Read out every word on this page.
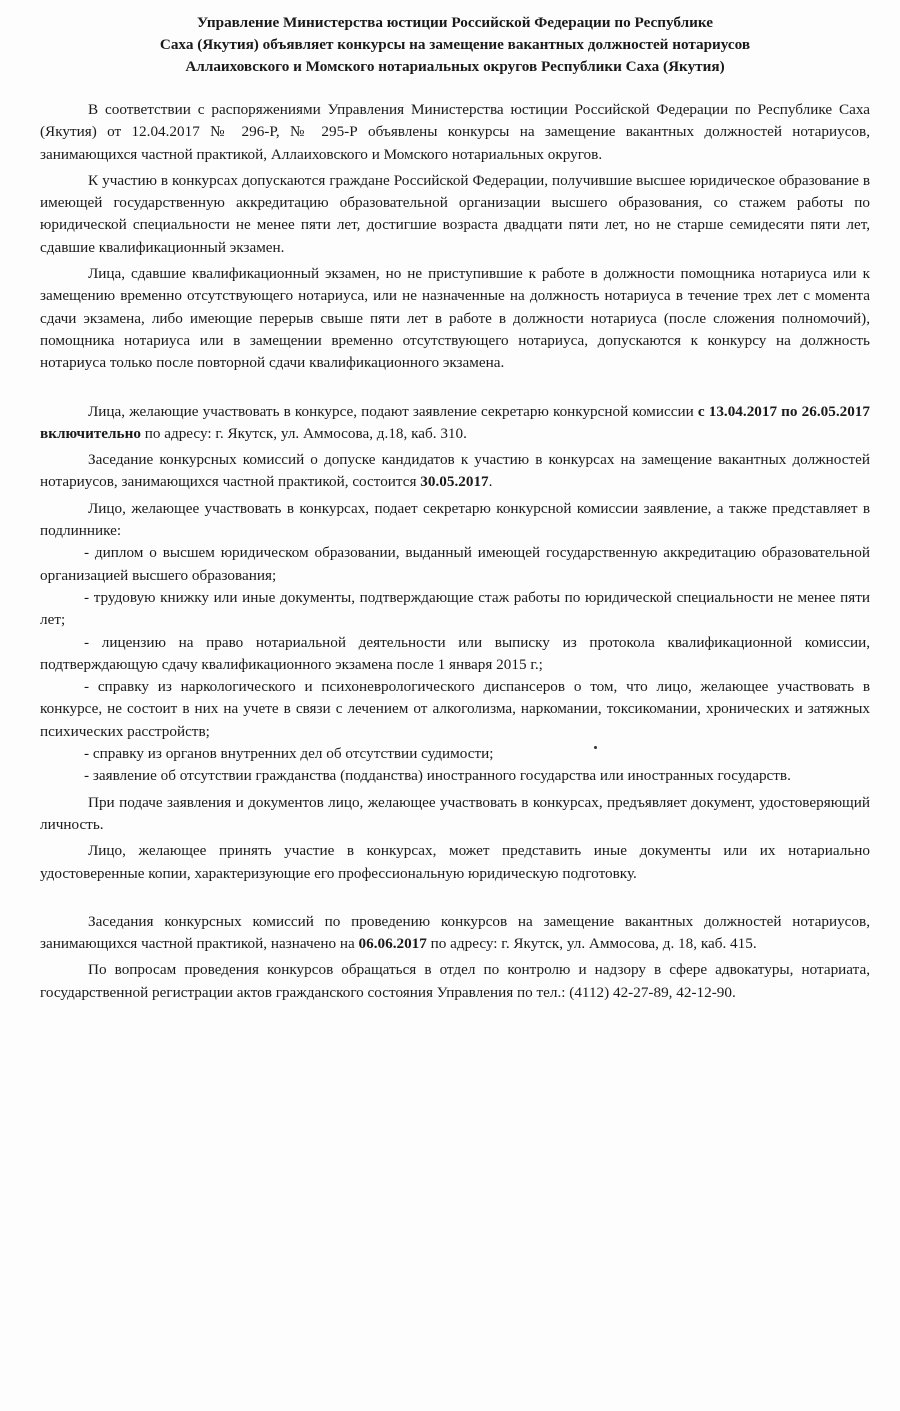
Управление Министерства юстиции Российской Федерации по Республике
Саха (Якутия) объявляет конкурсы на замещение вакантных должностей нотариусов
Аллаиховского и Момского нотариальных округов Республики Саха (Якутия)

В соответствии с распоряжениями Управления Министерства юстиции Российской Федерации по Республике Саха (Якутия) от 12.04.2017 № 296-Р, № 295-Р объявлены конкурсы на замещение вакантных должностей нотариусов, занимающихся частной практикой, Аллаиховского и Момского нотариальных округов.

К участию в конкурсах допускаются граждане Российской Федерации, получившие высшее юридическое образование в имеющей государственную аккредитацию образовательной организации высшего образования, со стажем работы по юридической специальности не менее пяти лет, достигшие возраста двадцати пяти лет, но не старше семидесяти пяти лет, сдавшие квалификационный экзамен.

Лица, сдавшие квалификационный экзамен, но не приступившие к работе в должности помощника нотариуса или к замещению временно отсутствующего нотариуса, или не назначенные на должность нотариуса в течение трех лет с момента сдачи экзамена, либо имеющие перерыв свыше пяти лет в работе в должности нотариуса (после сложения полномочий), помощника нотариуса или в замещении временно отсутствующего нотариуса, допускаются к конкурсу на должность нотариуса только после повторной сдачи квалификационного экзамена.

Лица, желающие участвовать в конкурсе, подают заявление секретарю конкурсной комиссии с 13.04.2017 по 26.05.2017 включительно по адресу: г. Якутск, ул. Аммосова, д.18, каб. 310.

Заседание конкурсных комиссий о допуске кандидатов к участию в конкурсах на замещение вакантных должностей нотариусов, занимающихся частной практикой, состоится 30.05.2017.

Лицо, желающее участвовать в конкурсах, подает секретарю конкурсной комиссии заявление, а также представляет в подлиннике:

- диплом о высшем юридическом образовании, выданный имеющей государственную аккредитацию образовательной организацией высшего образования;

- трудовую книжку или иные документы, подтверждающие стаж работы по юридической специальности не менее пяти лет;

- лицензию на право нотариальной деятельности или выписку из протокола квалификационной комиссии, подтверждающую сдачу квалификационного экзамена после 1 января 2015 г.;

- справку из наркологического и психоневрологического диспансеров о том, что лицо, желающее участвовать в конкурсе, не состоит в них на учете в связи с лечением от алкоголизма, наркомании, токсикомании, хронических и затяжных психических расстройств;

- справку из органов внутренних дел об отсутствии судимости;

- заявление об отсутствии гражданства (подданства) иностранного государства или иностранных государств.

При подаче заявления и документов лицо, желающее участвовать в конкурсах, предъявляет документ, удостоверяющий личность.

Лицо, желающее принять участие в конкурсах, может представить иные документы или их нотариально удостоверенные копии, характеризующие его профессиональную юридическую подготовку.

Заседания конкурсных комиссий по проведению конкурсов на замещение вакантных должностей нотариусов, занимающихся частной практикой, назначено на 06.06.2017 по адресу: г. Якутск, ул. Аммосова, д. 18, каб. 415.

По вопросам проведения конкурсов обращаться в отдел по контролю и надзору в сфере адвокатуры, нотариата, государственной регистрации актов гражданского состояния Управления по тел.: (4112) 42-27-89, 42-12-90.
